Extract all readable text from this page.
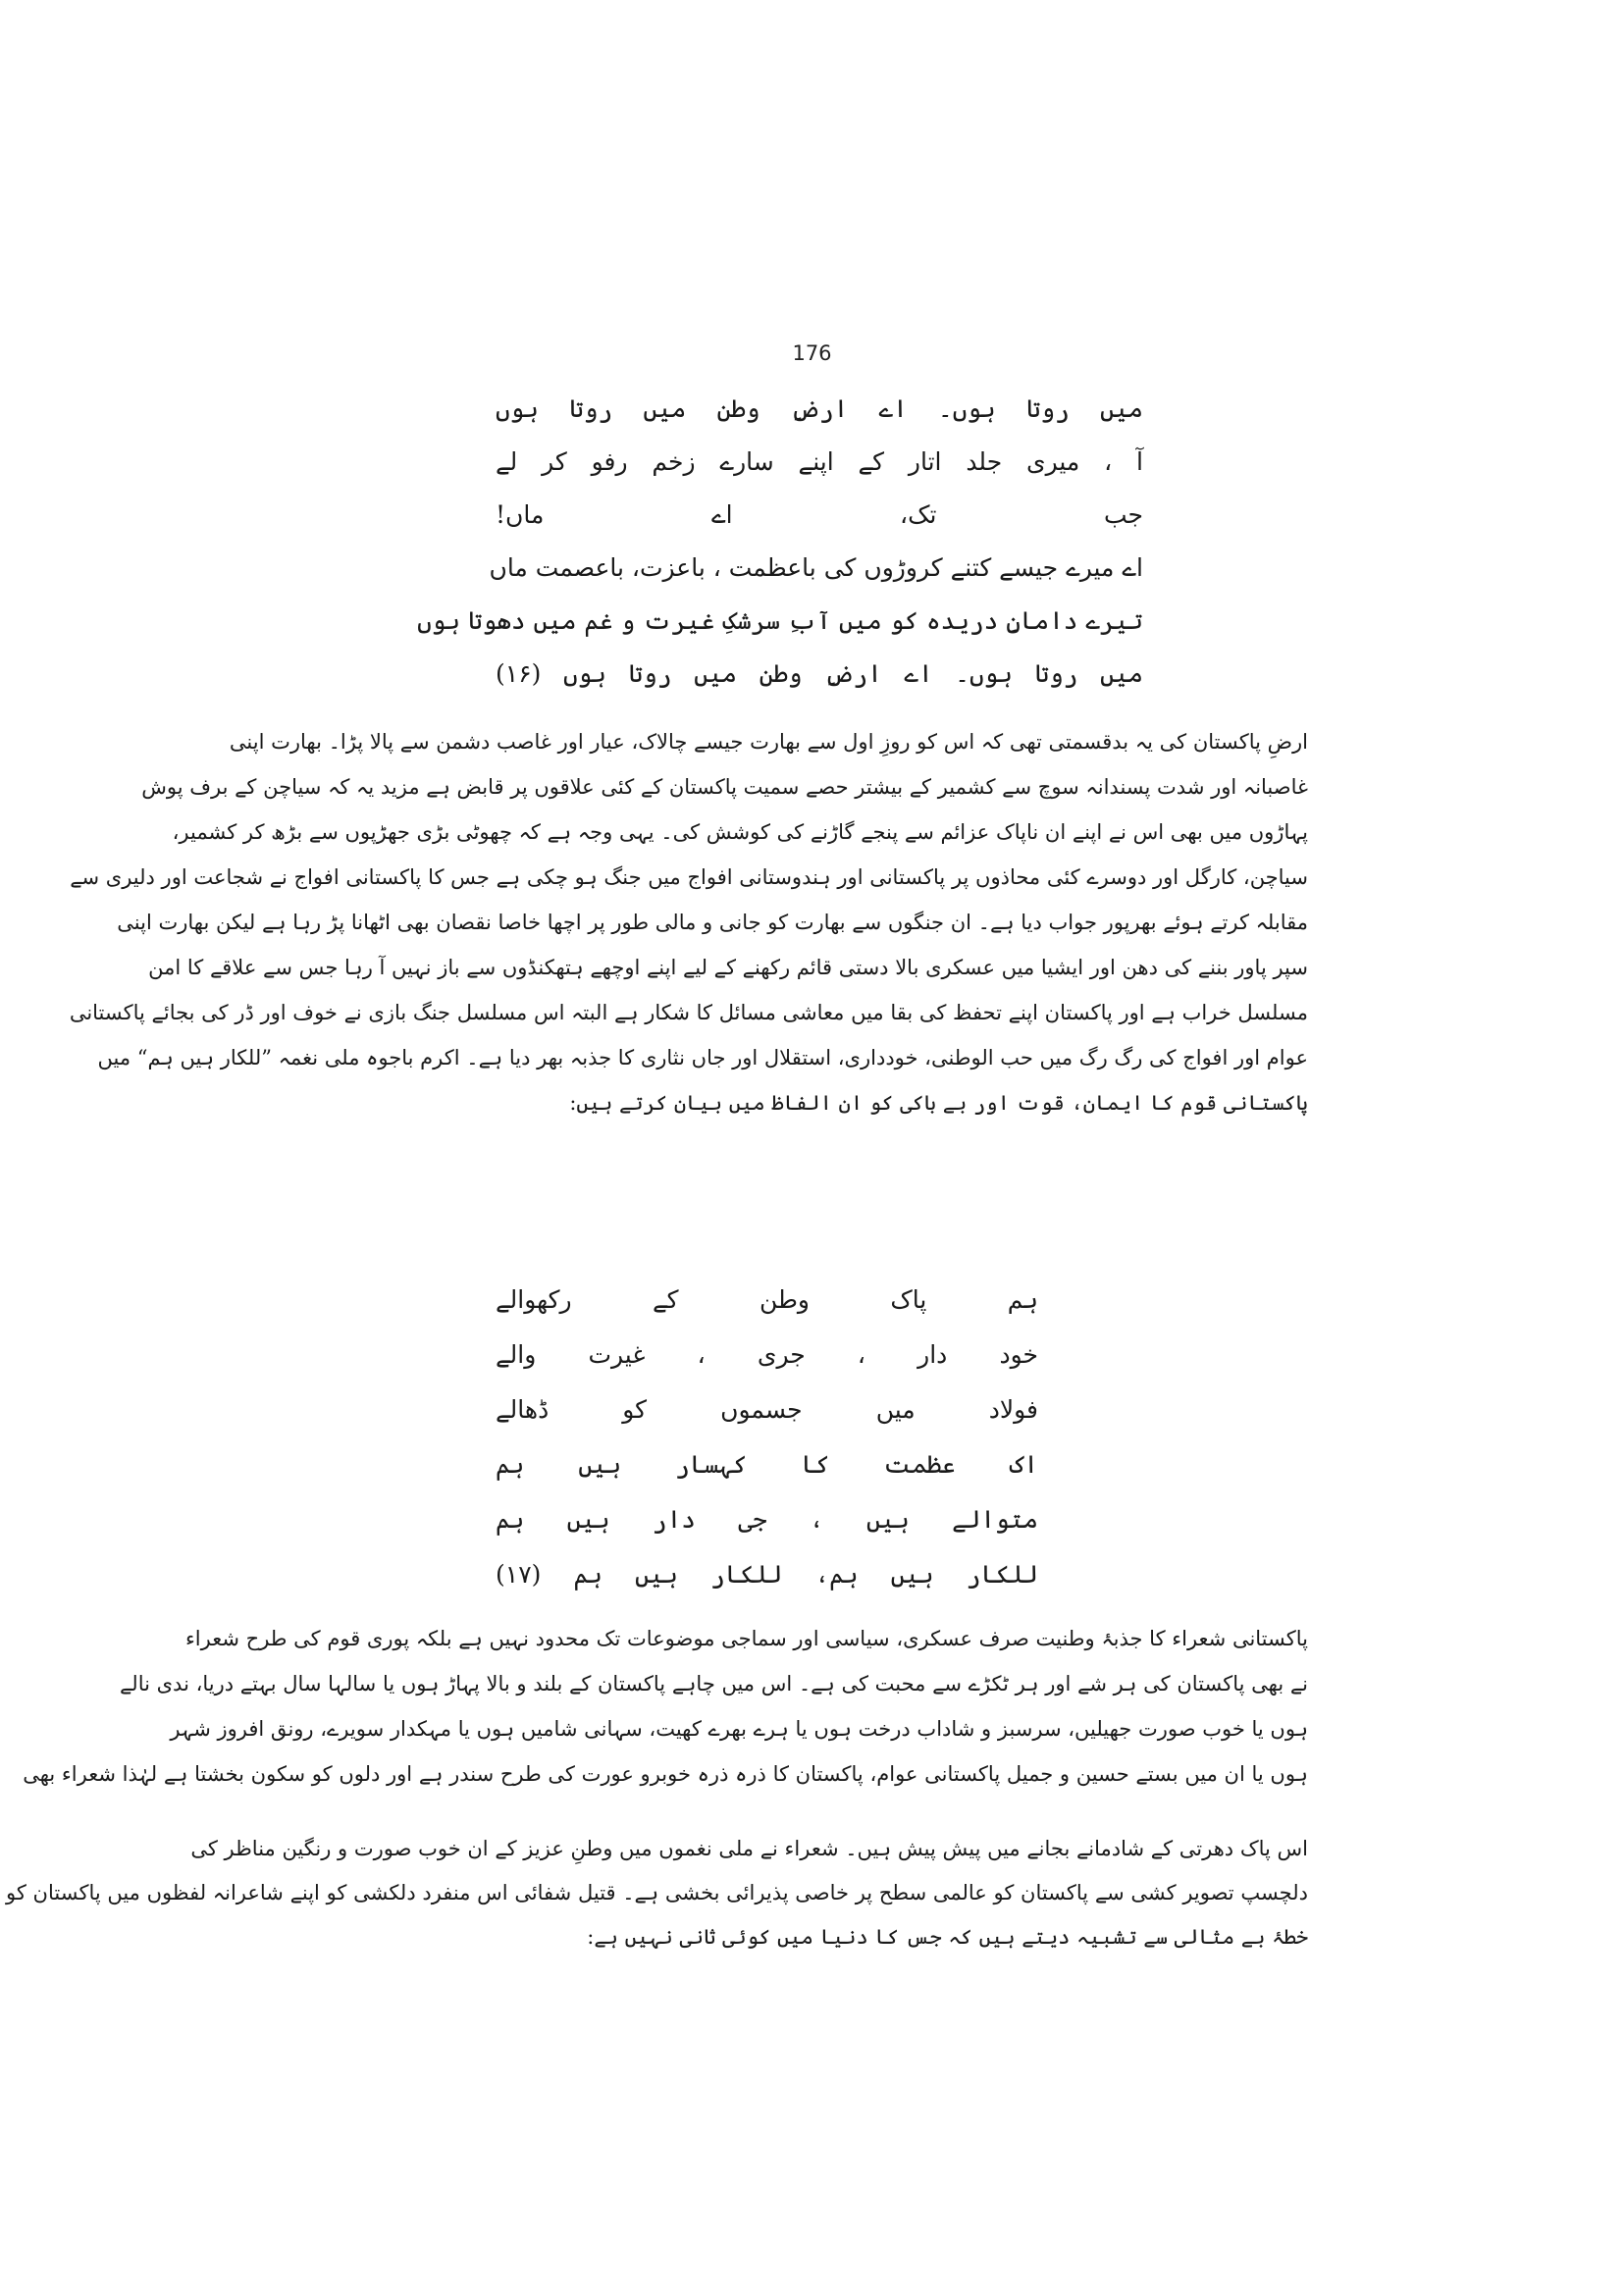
176
میں روتا ہوں۔ اے ارضِ وطن میں روتا ہوں
آ ، میری جلد اتار کے اپنے سارے زخم رفو کر لے
جب تک، اے ماں!
اے میرے جیسے کتنے کروڑوں کی باعظمت ، باعزت، باعصمت ماں
تیرے دامانِ دریدہ کو میں آبِ سرشکِ غیرت و غم میں دھوتا ہوں
میں روتا ہوں۔ اے ارضِ وطن میں روتا ہوں (۱۶)
ارضِ پاکستان کی یہ بدقسمتی تھی کہ اس کو روزِ اول سے بھارت جیسے چالاک، عیار اور غاصب دشمن سے پالا پڑا۔ بھارت اپنی
غاصبانہ اور شدت پسندانہ سوچ سے کشمیر کے بیشتر حصے سمیت پاکستان کے کئی علاقوں پر قابض ہے مزید یہ کہ سیاچن کے برف پوش
پہاڑوں میں بھی اس نے اپنے ان ناپاک عزائم سے پنجے گاڑنے کی کوشش کی۔ یہی وجہ ہے کہ چھوٹی بڑی جھڑپوں سے بڑھ کر کشمیر،
سیاچن، کارگل اور دوسرے کئی محاذوں پر پاکستانی اور ہندوستانی افواج میں جنگ ہو چکی ہے جس کا پاکستانی افواج نے شجاعت اور دلیری سے
مقابلہ کرتے ہوئے بھرپور جواب دیا ہے۔ ان جنگوں سے بھارت کو جانی و مالی طور پر اچھا خاصا نقصان بھی اٹھانا پڑ رہا ہے لیکن بھارت اپنی
سپر پاور بننے کی دھن اور ایشیا میں عسکری بالا دستی قائم رکھنے کے لیے اپنے اوچھے ہتھکنڈوں سے باز نہیں آ رہا جس سے علاقے کا امن
مسلسل خراب ہے اور پاکستان اپنے تحفظ کی بقا میں معاشی مسائل کا شکار ہے البتہ اس مسلسل جنگ بازی نے خوف اور ڈر کی بجائے پاکستانی
عوام اور افواج کی رگ رگ میں حب الوطنی، خودداری، استقلال اور جاں نثاری کا جذبہ بھر دیا ہے۔ اکرم باجوہ ملی نغمہ ”للکار ہیں ہم“ میں
پاکستانی قوم کا ایمان، قوت اور بے باکی کو ان الفاظ میں بیان کرتے ہیں:
ہم پاک وطن کے رکھوالے
خود دار ، جری ، غیرت والے
فولاد میں جسموں کو ڈھالے
اک عظمت کا کہسار ہیں ہم
متوالے ہیں ، جی دار ہیں ہم
للکار ہیں ہم، للکار ہیں ہم (۱۷)
پاکستانی شعراء کا جذبۂ وطنیت صرف عسکری، سیاسی اور سماجی موضوعات تک محدود نہیں ہے بلکہ پوری قوم کی طرح شعراء
نے بھی پاکستان کی ہر شے اور ہر ٹکڑے سے محبت کی ہے۔ اس میں چاہے پاکستان کے بلند و بالا پہاڑ ہوں یا سالہا سال بہتے دریا، ندی نالے
ہوں یا خوب صورت جھیلیں، سرسبز و شاداب درخت ہوں یا ہرے بھرے کھیت، سہانی شامیں ہوں یا مہکدار سویرے، رونق افروز شہر
ہوں یا ان میں بستے حسین و جمیل پاکستانی عوام، پاکستان کا ذرہ ذرہ خوبرو عورت کی طرح سندر ہے اور دلوں کو سکون بخشتا ہے لہٰذا شعراء بھی
اس پاک دھرتی کے شادمانے بجانے میں پیش پیش ہیں۔ شعراء نے ملی نغموں میں وطنِ عزیز کے ان خوب صورت و رنگین مناظر کی
دلچسپ تصویر کشی سے پاکستان کو عالمی سطح پر خاصی پذیرائی بخشی ہے۔ قتیل شفائی اس منفرد دلکشی کو اپنے شاعرانہ لفظوں میں پاکستان کو
خطۂ بے مثالی سے تشبیہ دیتے ہیں کہ جس کا دنیا میں کوئی ثانی نہیں ہے:
